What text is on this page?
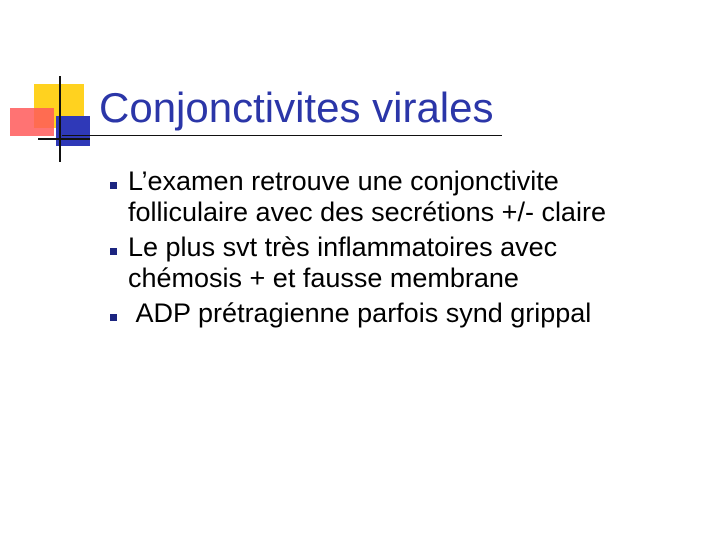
Conjonctivites virales
L’examen retrouve une conjonctivite
folliculaire avec des secrétions +/- claire
Le plus svt très inflammatoires avec
chémosis + et fausse membrane
ADP prétragienne parfois synd grippal
